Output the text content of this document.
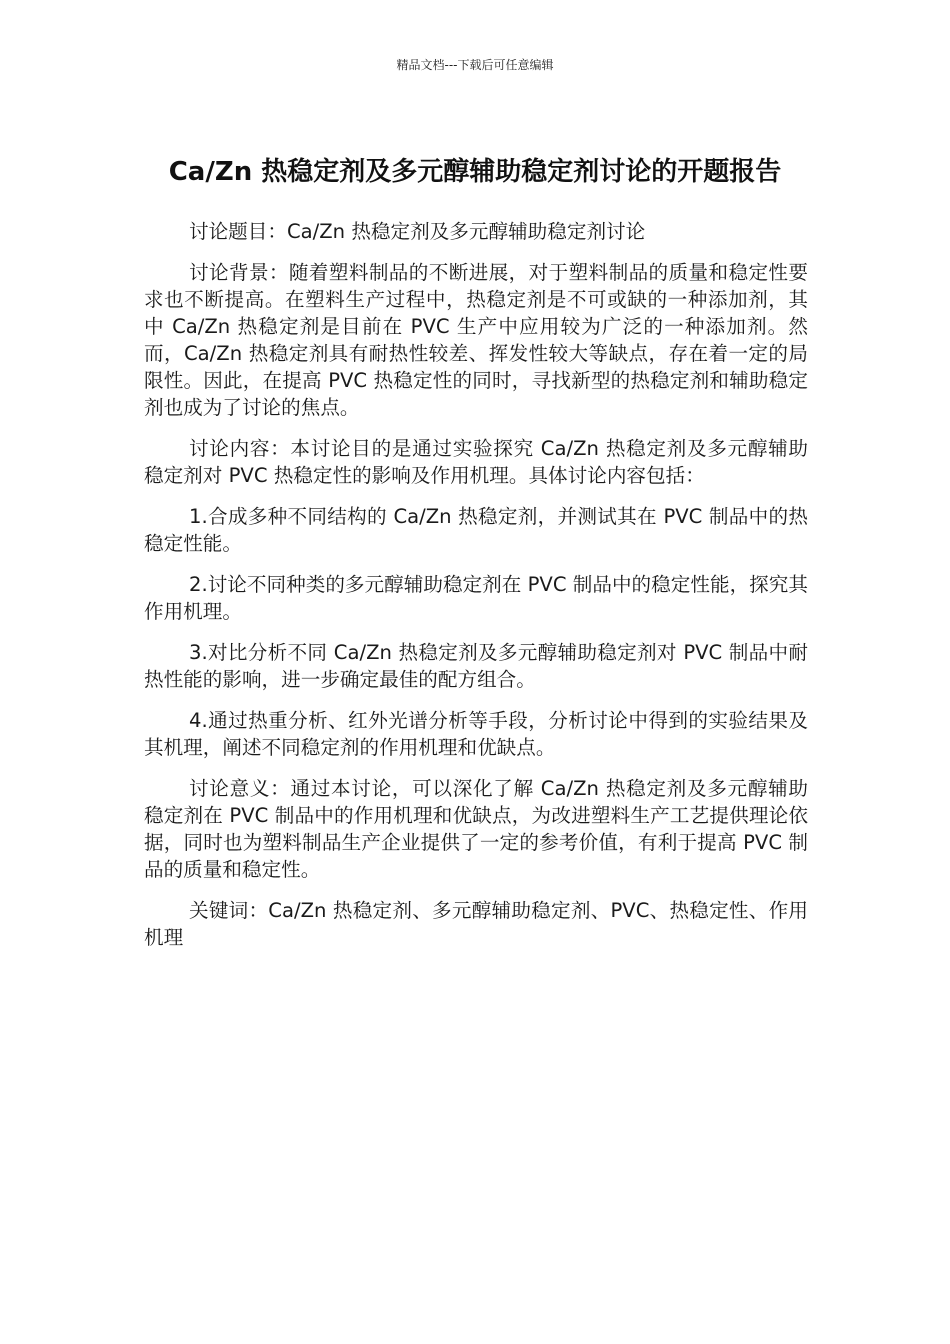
精品文档---下载后可任意编辑
Ca/Zn 热稳定剂及多元醇辅助稳定剂讨论的开题报告

讨论题目：Ca/Zn 热稳定剂及多元醇辅助稳定剂讨论

讨论背景：随着塑料制品的不断进展，对于塑料制品的质量和稳定性要求也不断提高。在塑料生产过程中，热稳定剂是不可或缺的一种添加剂，其中 Ca/Zn 热稳定剂是目前在 PVC 生产中应用较为广泛的一种添加剂。然而，Ca/Zn 热稳定剂具有耐热性较差、挥发性较大等缺点，存在着一定的局限性。因此，在提高 PVC 热稳定性的同时，寻找新型的热稳定剂和辅助稳定剂也成为了讨论的焦点。

讨论内容：本讨论目的是通过实验探究 Ca/Zn 热稳定剂及多元醇辅助稳定剂对 PVC 热稳定性的影响及作用机理。具体讨论内容包括：

1.合成多种不同结构的 Ca/Zn 热稳定剂，并测试其在 PVC 制品中的热稳定性能。

2.讨论不同种类的多元醇辅助稳定剂在 PVC 制品中的稳定性能，探究其作用机理。

3.对比分析不同 Ca/Zn 热稳定剂及多元醇辅助稳定剂对 PVC 制品中耐热性能的影响，进一步确定最佳的配方组合。

4.通过热重分析、红外光谱分析等手段，分析讨论中得到的实验结果及其机理，阐述不同稳定剂的作用机理和优缺点。

讨论意义：通过本讨论，可以深化了解 Ca/Zn 热稳定剂及多元醇辅助稳定剂在 PVC 制品中的作用机理和优缺点，为改进塑料生产工艺提供理论依据，同时也为塑料制品生产企业提供了一定的参考价值，有利于提高 PVC 制品的质量和稳定性。

关键词：Ca/Zn 热稳定剂、多元醇辅助稳定剂、PVC、热稳定性、作用机理
